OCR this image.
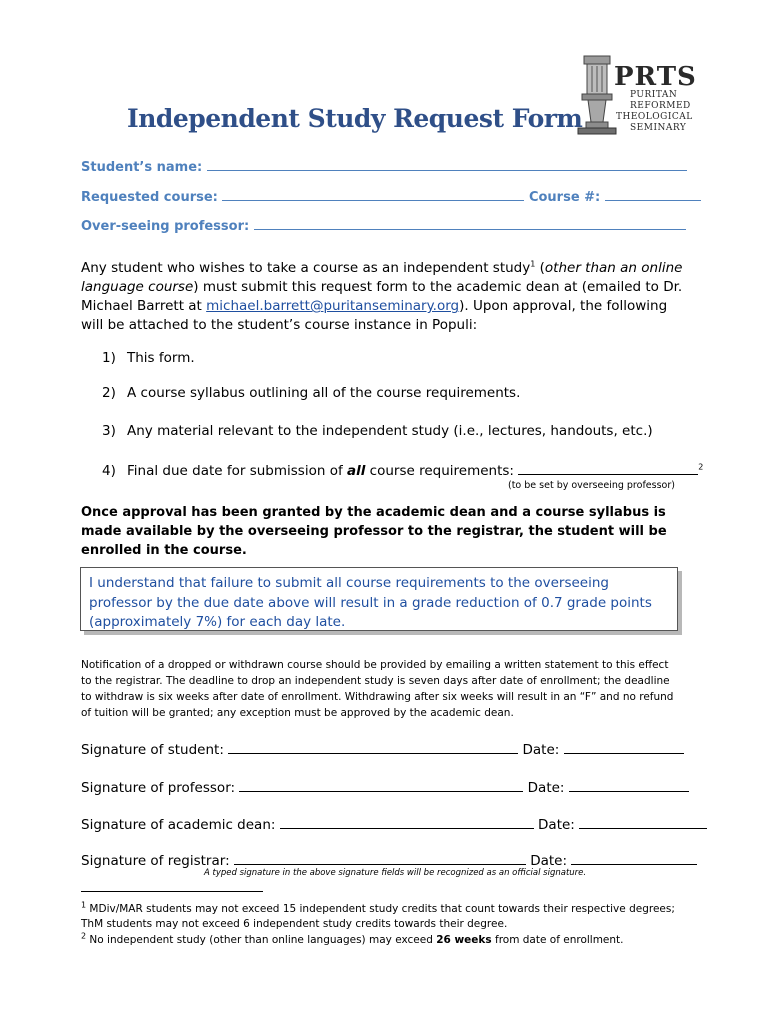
PRTS
PURITAN
REFORMED
THEOLOGICAL
SEMINARY
Independent Study Request Form
Student’s name:
Requested course:	Course #:
Over-seeing professor:
Any student who wishes to take a course as an independent study$^1$ (other than an online language course) must submit this request form to the academic dean at (emailed to Dr. Michael Barrett at michael.barrett@puritanseminary.org). Upon approval, the following will be attached to the student’s course instance in Populi:
1) This form.
2) A course syllabus outlining all of the course requirements.
3) Any material relevant to the independent study (i.e., lectures, handouts, etc.)
4) Final due date for submission of all course requirements:	$^2$
(to be set by overseeing professor)
Once approval has been granted by the academic dean and a course syllabus is made available by the overseeing professor to the registrar, the student will be enrolled in the course.
I understand that failure to submit all course requirements to the overseeing professor by the due date above will result in a grade reduction of 0.7 grade points (approximately 7%) for each day late.
Notification of a dropped or withdrawn course should be provided by emailing a written statement to this effect to the registrar. The deadline to drop an independent study is seven days after date of enrollment; the deadline to withdraw is six weeks after date of enrollment. Withdrawing after six weeks will result in an “F” and no refund of tuition will be granted; any exception must be approved by the academic dean.
Signature of student:	Date:
Signature of professor:	Date:
Signature of academic dean:	Date:
Signature of registrar:	Date:
A typed signature in the above signature fields will be recognized as an official signature.
$^1$ MDiv/MAR students may not exceed 15 independent study credits that count towards their respective degrees; ThM students may not exceed 6 independent study credits towards their degree.
$^2$ No independent study (other than online languages) may exceed 26 weeks from date of enrollment.
